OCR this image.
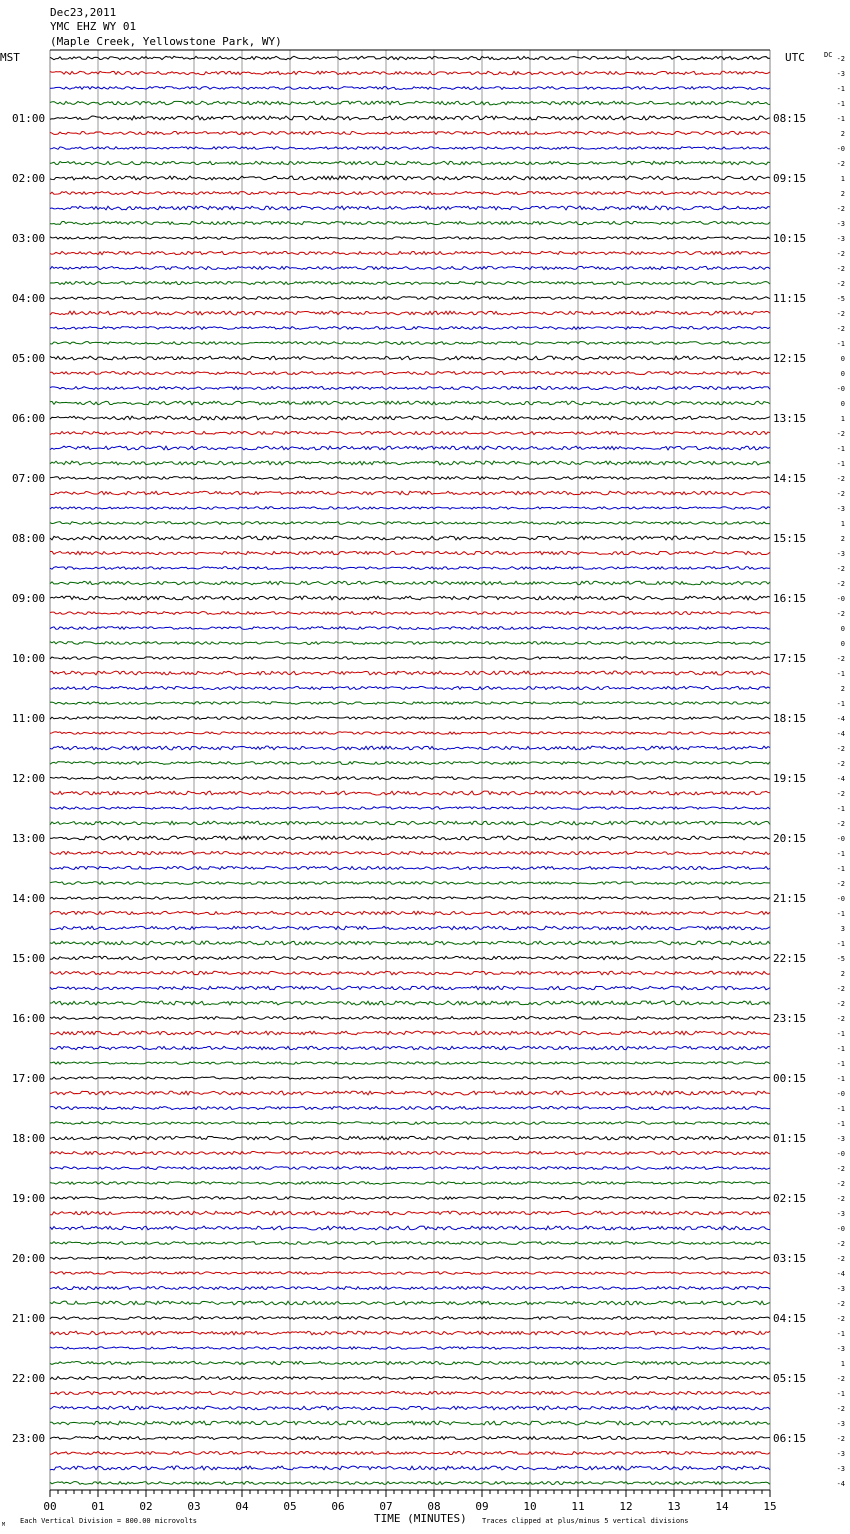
Dec23,2011
YMC EHZ WY 01
(Maple Creek, Yellowstone Park, WY)
MST	UTC	DC
01:00
02:00
03:00
04:00
05:00
06:00
07:00
08:00
09:00
10:00
11:00
12:00
13:00
14:00
15:00
16:00
17:00
18:00
19:00
20:00
21:00
22:00
23:00
08:15
09:15
10:15
11:15
12:15
13:15
14:15
15:15
16:15
17:15
18:15
19:15
20:15
21:15
22:15
23:15
00:15
01:15
02:15
03:15
04:15
05:15
06:15
-2
-3
-1
-1
-1
2
-0
-2
1
2
-2
-3
-3
-2
-2
-2
-5
-2
-2
-1
0
0
-0
0
1
-2
-1
-1
-2
-2
-3
1
2
-3
-2
-2
-0
-2
0
0
-2
-1
2
-1
-4
-4
-2
-2
-4
-2
-1
-2
-0
-1
-1
-2
-0
-1
3
-1
-5
2
-2
-2
-2
-1
-1
-1
-1
-0
-1
-1
-3
-0
-2
-2
-2
-3
-0
-2
-2
-4
-3
-2
-2
-1
-3
1
-2
-1
-2
-3
-2
-3
-3
-4
00	01	02	03	04	05	06	07	08	09	10	11	12	13	14	15
TIME (MINUTES)
Each Vertical Division = 800.00 microvolts	Traces clipped at plus/minus 5 vertical divisions
M
